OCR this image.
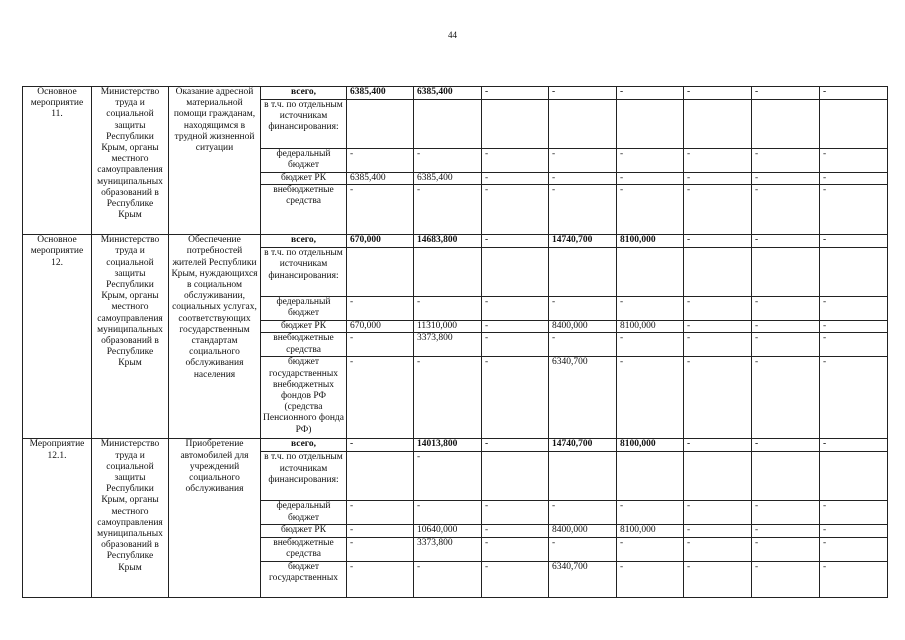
44
Основное мероприятие 11.	Министерство труда и социальной защиты Республики Крым, органы местного самоуправления муниципальных образований в Республике Крым	Оказание адресной материальной помощи гражданам, находящимся в трудной жизненной ситуации	всего,	6385,400	6385,400	-	-	-	-	-	-
			в т.ч. по отдельным источникам финансирования:								
			федеральный бюджет	-	-	-	-	-	-	-	-
			бюджет РК	6385,400	6385,400	-	-	-	-	-	-
			внебюджетные средства	-	-	-	-	-	-	-	-
Основное мероприятие 12.	Министерство труда и социальной защиты Республики Крым, органы местного самоуправления муниципальных образований в Республике Крым	Обеспечение потребностей жителей Республики Крым, нуждающихся в социальном обслуживании, социальных услугах, соответствующих государственным стандартам социального обслуживания населения	всего,	670,000	14683,800	-	14740,700	8100,000	-	-	-
			в т.ч. по отдельным источникам финансирования:								
			федеральный бюджет	-	-	-	-	-	-	-	-
			бюджет РК	670,000	11310,000	-	8400,000	8100,000	-	-	-
			внебюджетные средства	-	3373,800	-	-	-	-	-	-
			бюджет государственных внебюджетных фондов РФ (средства Пенсионного фонда РФ)	-	-	-	6340,700	-	-	-	-
Мероприятие 12.1.	Министерство труда и социальной защиты Республики Крым, органы местного самоуправления муниципальных образований в Республике Крым	Приобретение автомобилей для учреждений социального обслуживания	всего,	-	14013,800	-	14740,700	8100,000	-	-	-
			в т.ч. по отдельным источникам финансирования:		-						
			федеральный бюджет	-	-	-	-	-	-	-	-
			бюджет РК	-	10640,000	-	8400,000	8100,000	-	-	-
			внебюджетные средства	-	3373,800	-	-	-	-	-	-
			бюджет государственных	-	-	-	6340,700	-	-	-	-
